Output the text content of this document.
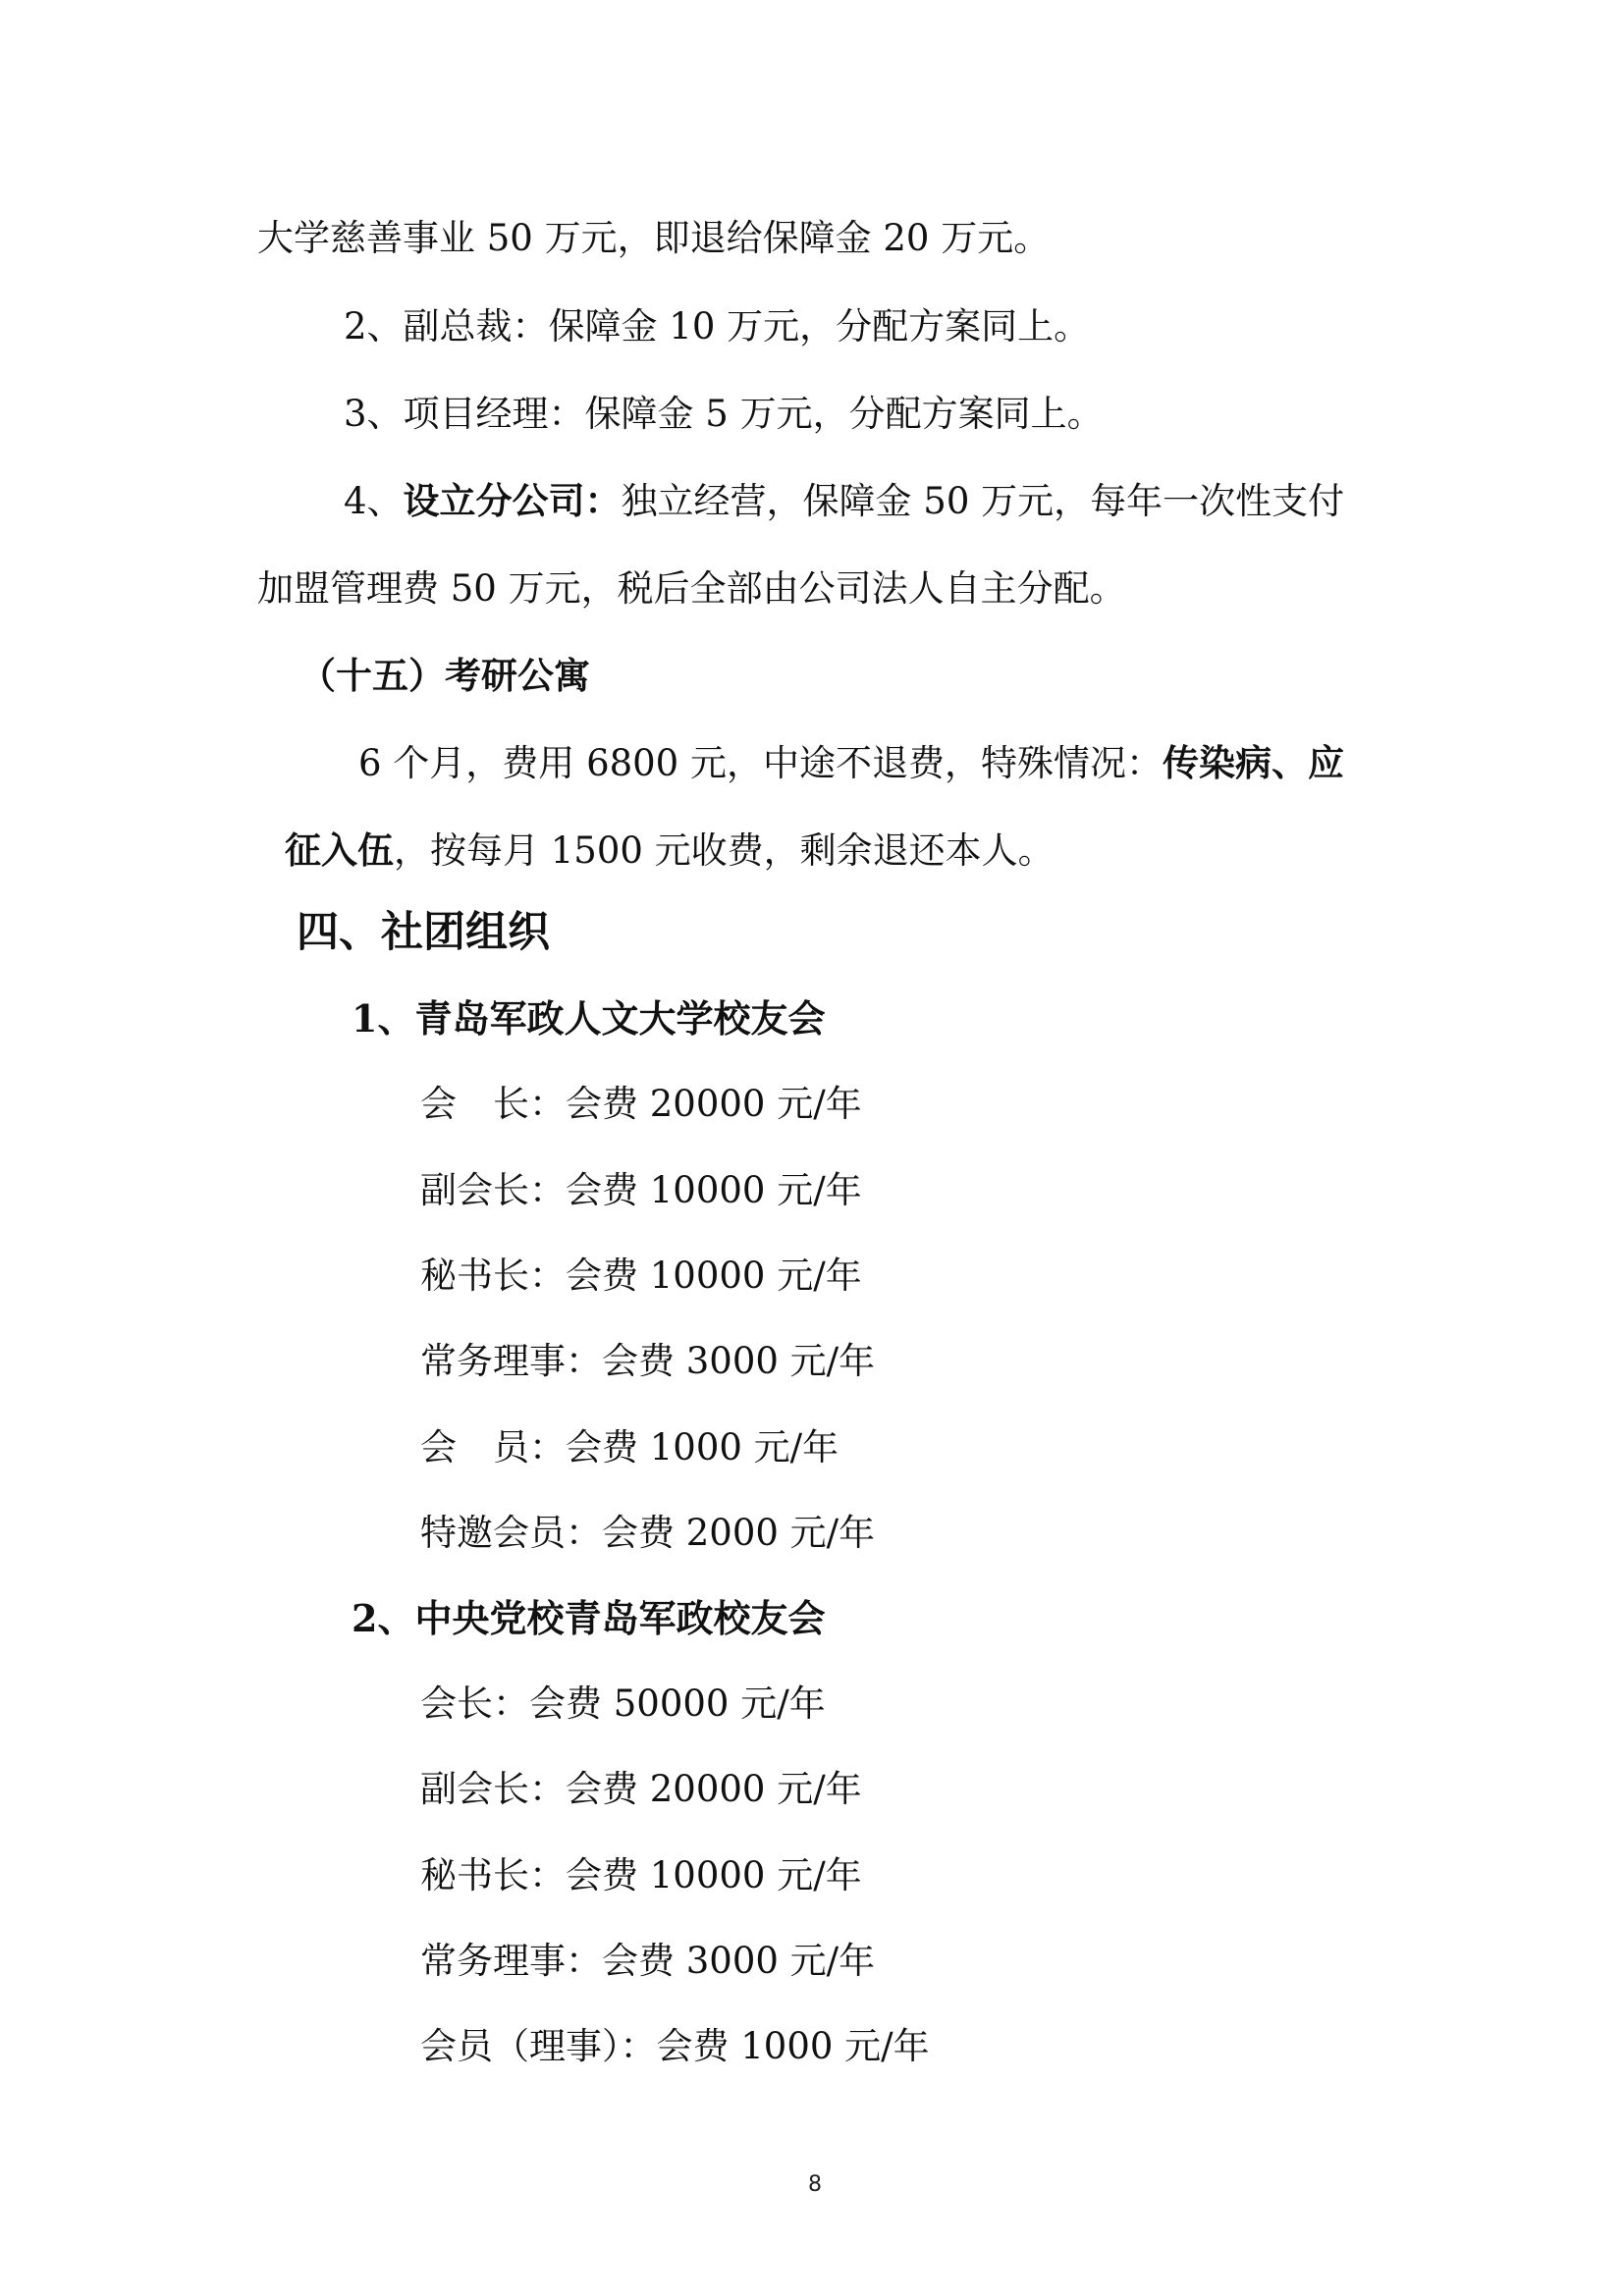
大学慈善事业 50 万元，即退给保障金 20 万元。
2、副总裁：保障金 10 万元，分配方案同上。
3、项目经理：保障金 5 万元，分配方案同上。
4、设立分公司：独立经营，保障金 50 万元，每年一次性支付
加盟管理费 50 万元，税后全部由公司法人自主分配。
（十五）考研公寓
6 个月，费用 6800 元，中途不退费，特殊情况：传染病、应
征入伍，按每月 1500 元收费，剩余退还本人。
四、社团组织
1、青岛军政人文大学校友会
会　长：会费 20000 元/年
副会长：会费 10000 元/年
秘书长：会费 10000 元/年
常务理事：会费 3000 元/年
会　员：会费 1000 元/年
特邀会员：会费 2000 元/年
2、中央党校青岛军政校友会
会长：会费 50000 元/年
副会长：会费 20000 元/年
秘书长：会费 10000 元/年
常务理事：会费 3000 元/年
会员（理事）：会费 1000 元/年
8
